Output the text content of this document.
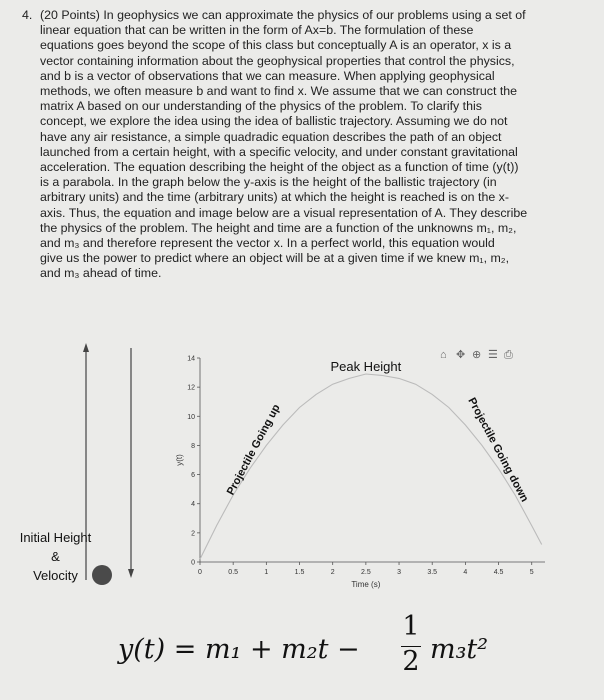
4. (20 Points) In geophysics we can approximate the physics of our problems using a set of
linear equation that can be written in the form of Ax=b. The formulation of these
equations goes beyond the scope of this class but conceptually A is an operator, x is a
vector containing information about the geophysical properties that control the physics,
and b is a vector of observations that we can measure. When applying geophysical
methods, we often measure b and want to find x. We assume that we can construct the
matrix A based on our understanding of the physics of the problem. To clarify this
concept, we explore the idea using the idea of ballistic trajectory. Assuming we do not
have any air resistance, a simple quadradic equation describes the path of an object
launched from a certain height, with a specific velocity, and under constant gravitational
acceleration. The equation describing the height of the object as a function of time (y(t))
is a parabola. In the graph below the y-axis is the height of the ballistic trajectory (in
arbitrary units) and the time (arbitrary units) at which the height is reached is on the x-
axis. Thus, the equation and image below are a visual representation of A. They describe
the physics of the problem. The height and time are a function of the unknowns m₁, m₂,
and m₃ and therefore represent the vector x. In a perfect world, this equation would
give us the power to predict where an object will be at a given time if we knew m₁, m₂,
and m₃ ahead of time.
⌂ ✥ ⊕ ☰ ⎙
0	0.5	1	1.5	2	2.5	3	3.5	4	4.5	5
0
2
4
6
8
10
12
14
Time (s)
y(t)
Peak Height
Projectile Going up	Projectile Going down
Initial Height
&
Velocity
y(t) = m₁ + m₂t −
1
2 m₃t²
